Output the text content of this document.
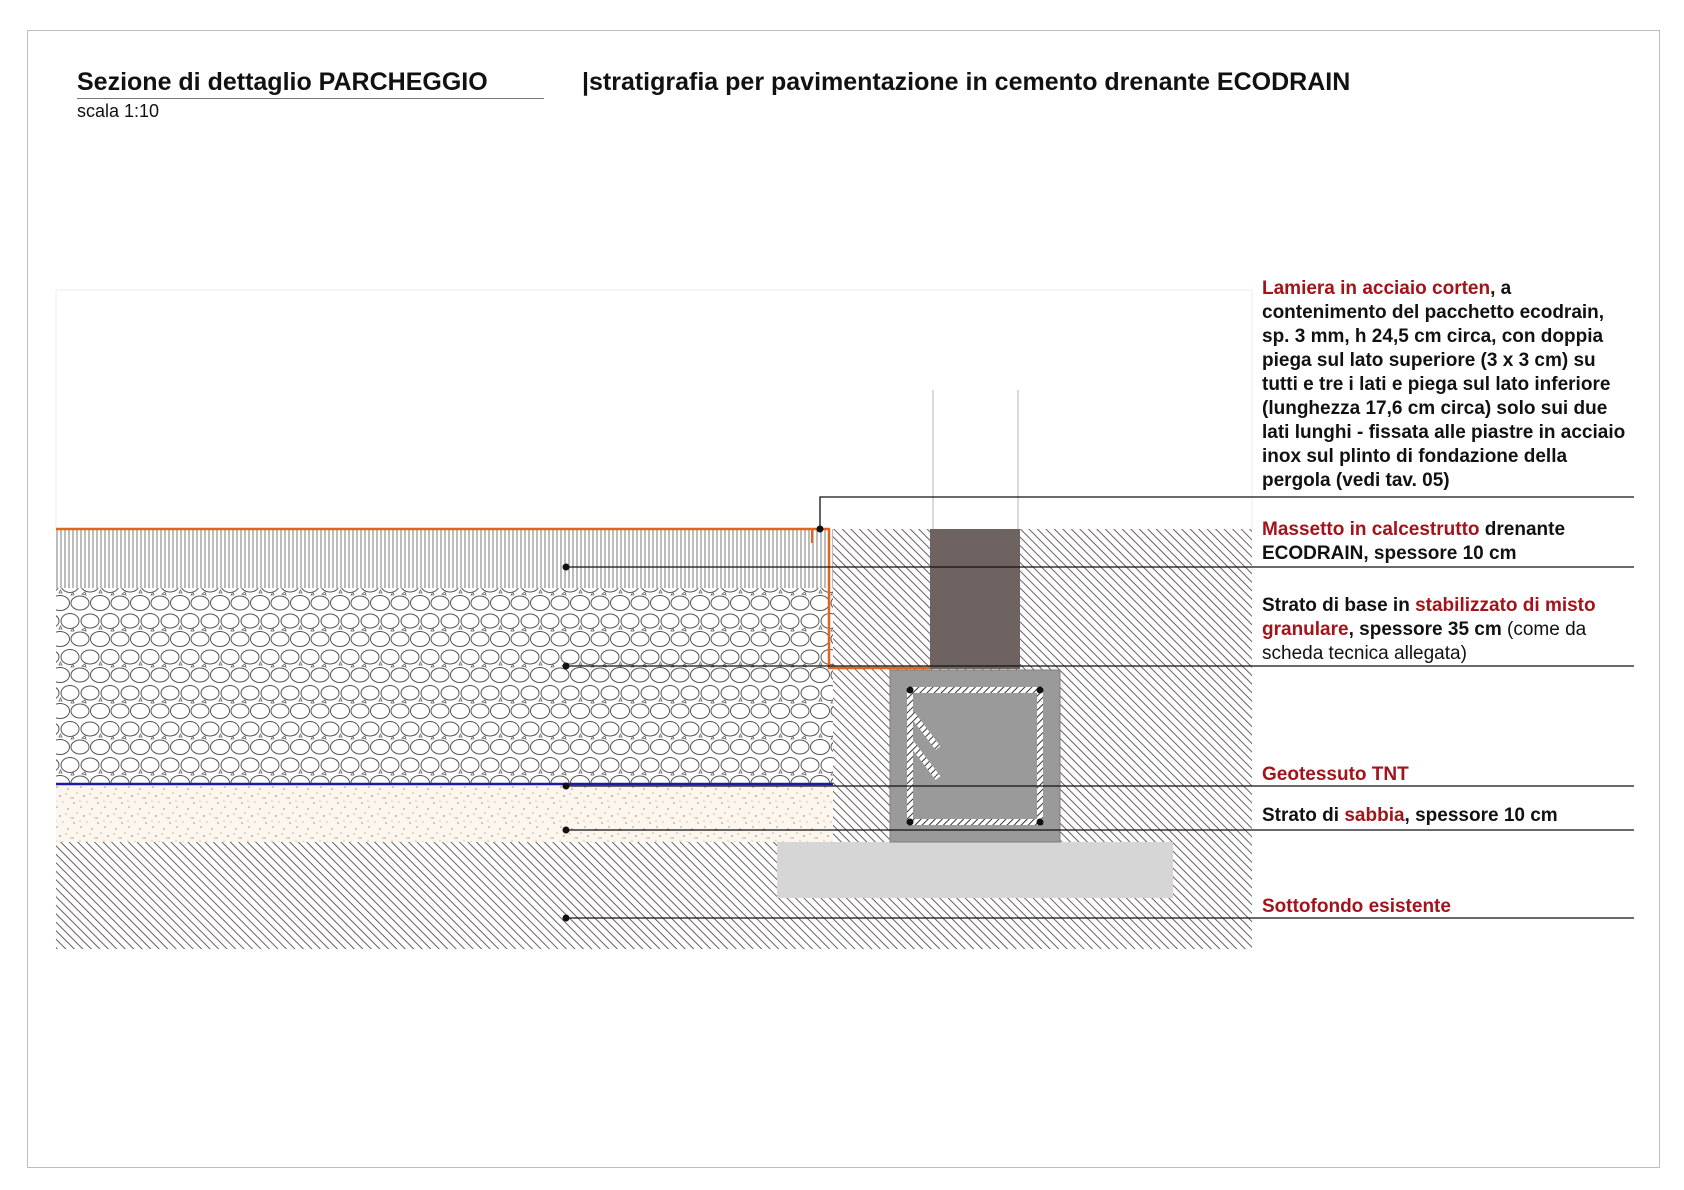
Sezione di dettaglio PARCHEGGIO	|stratigrafia per pavimentazione in cemento drenante ECODRAIN
scala 1:10
Lamiera in acciaio corten, a contenimento del pacchetto ecodrain, sp. 3 mm, h 24,5 cm circa, con doppia piega sul lato superiore (3 x 3 cm) su tutti e tre i lati e piega sul lato inferiore (lunghezza 17,6 cm circa) solo sui due lati lunghi - fissata alle piastre in acciaio inox sul plinto di fondazione della pergola (vedi tav. 05)
Massetto in calcestrutto drenante
ECODRAIN, spessore 10 cm
Strato di base in stabilizzato di misto
granulare, spessore 35 cm (come da
scheda tecnica allegata)
Geotessuto TNT
Strato di sabbia, spessore 10 cm
Sottofondo esistente
